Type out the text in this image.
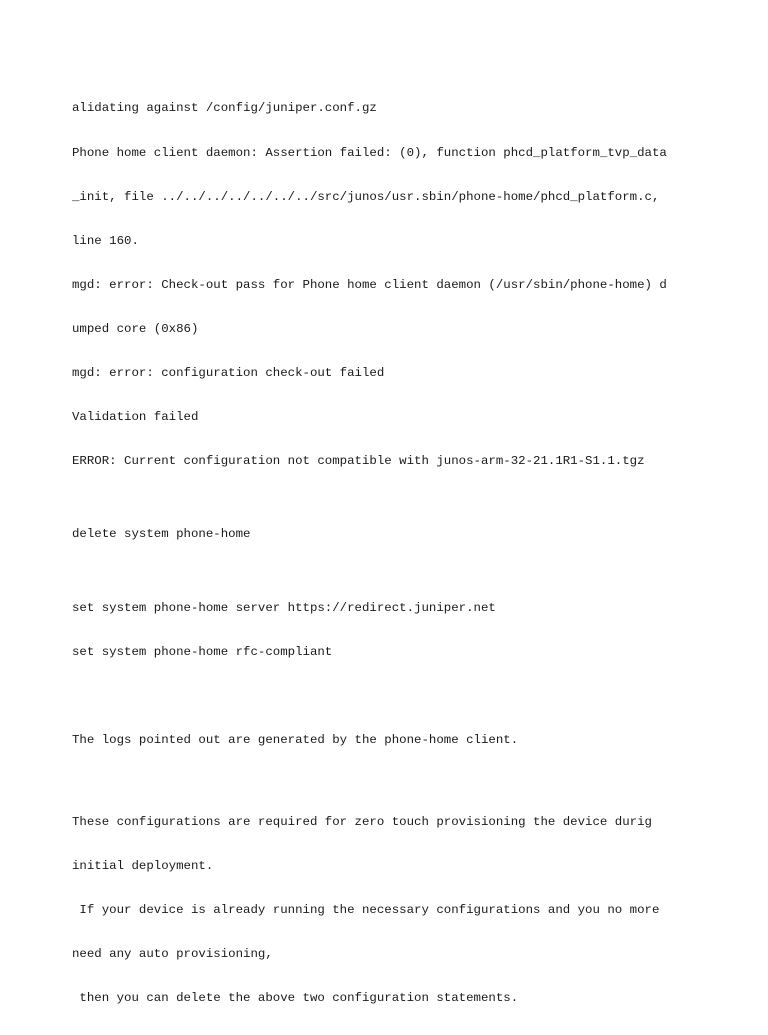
alidating against /config/juniper.conf.gz

Phone home client daemon: Assertion failed: (0), function phcd_platform_tvp_data

_init, file ../../../../../../../src/junos/usr.sbin/phone-home/phcd_platform.c,

line 160.

mgd: error: Check-out pass for Phone home client daemon (/usr/sbin/phone-home) d

umped core (0x86)

mgd: error: configuration check-out failed

Validation failed

ERROR: Current configuration not compatible with junos-arm-32-21.1R1-S1.1.tgz

delete system phone-home

set system phone-home server https://redirect.juniper.net

set system phone-home rfc-compliant

The logs pointed out are generated by the phone-home client.

These configurations are required for zero touch provisioning the device durig

initial deployment.

If your device is already running the necessary configurations and you no more

need any auto provisioning,

then you can delete the above two configuration statements.
